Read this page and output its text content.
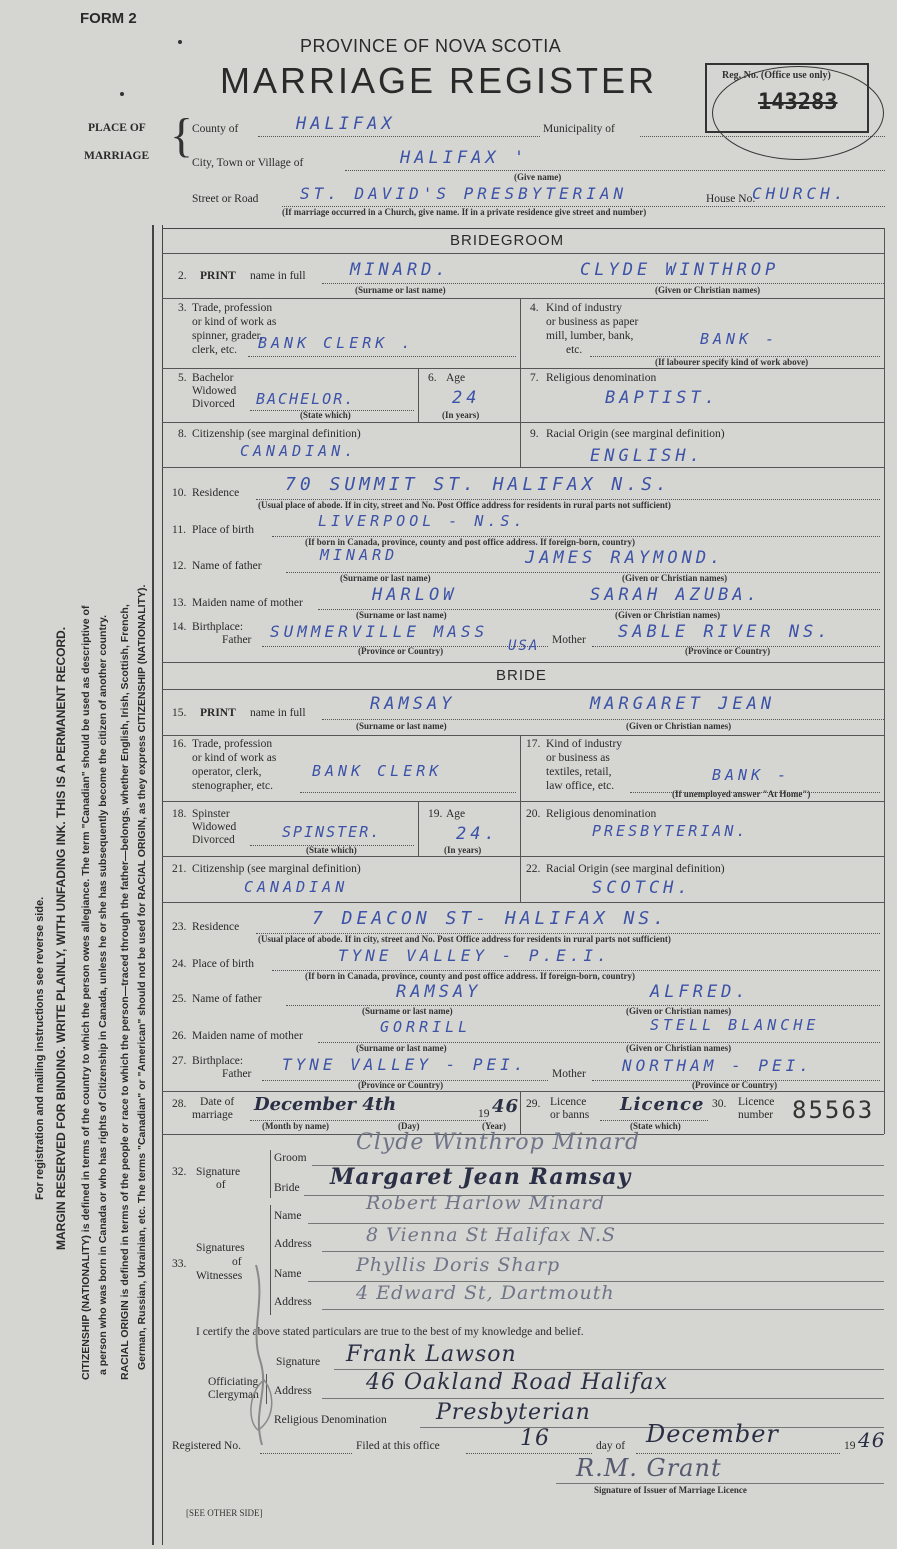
FORM 2
PROVINCE OF NOVA SCOTIA
MARRIAGE REGISTER	Reg. No. (Office use only)
143283
PLACE OF
MARRIAGE {
County of	HALIFAX	Municipality of
City, Town or Village of	HALIFAX '
(Give name)
Street or Road	ST. DAVID'S PRESBYTERIAN	House No.
CHURCH.
(If marriage occurred in a Church, give name. If in a private residence give street and number)
For registration and mailing instructions see reverse side. MARGIN RESERVED FOR BINDING. WRITE PLAINLY, WITH UNFADING INK. THIS IS A PERMANENT RECORD. CITIZENSHIP (NATIONALITY) is defined in terms of the country to which the person owes allegiance. The term "Canadian" should be used as descriptive of a person who was born in Canada or who has rights of Citizenship in Canada, unless he or she has subsequently become the citizen of another country. RACIAL ORIGIN is defined in terms of the people or race to which the person—traced through the father—belongs, whether English, Irish, Scottish, French, German, Russian, Ukrainian, etc. The terms "Canadian" or "American" should not be used for RACIAL ORIGIN, as they express CITIZENSHIP (NATIONALITY).
BRIDEGROOM
2. PRINT name in full	MINARD.	CLYDE WINTHROP
(Surname or last name)	(Given or Christian names)
3. Trade, profession
or kind of work as
spinner, grader,
clerk, etc. BANK CLERK .
4. Kind of industry
or business as paper
mill, lumber, bank,
etc.
BANK -
(If labourer specify kind of work above)
5. Bachelor
Widowed
Divorced BACHELOR.
(State which)
6. Age
24
(In years)
7. Religious denomination
BAPTIST.
8. Citizenship (see marginal definition)
CANADIAN.
9. Racial Origin (see marginal definition)
ENGLISH.
10. Residence	70 SUMMIT ST. HALIFAX N.S.
(Usual place of abode. If in city, street and No. Post Office address for residents in rural parts not sufficient)
11. Place of birth	LIVERPOOL - N.S.
(If born in Canada, province, county and post office address. If foreign-born, country)
12. Name of father
MINARD	JAMES RAYMOND.
(Surname or last name)	(Given or Christian names)
13. Maiden name of mother	HARLOW	SARAH AZUBA.
(Surname or last name)	(Given or Christian names)
14. Birthplace:
Father SUMMERVILLE MASS
USA
(Province or Country)
Mother SABLE RIVER NS.
(Province or Country)
BRIDE
15. PRINT name in full	RAMSAY	MARGARET JEAN
(Surname or last name)	(Given or Christian names)
16. Trade, profession
or kind of work as
operator, clerk,
stenographer, etc.
BANK CLERK
17. Kind of industry
or business as
textiles, retail,
law office, etc.
BANK -
(If unemployed answer "At Home")
18. Spinster
Widowed
Divorced	SPINSTER.
(State which)
19. Age
24.
(In years)
20. Religious denomination
PRESBYTERIAN.
21. Citizenship (see marginal definition)
CANADIAN
22. Racial Origin (see marginal definition)
SCOTCH.
23. Residence	7 DEACON ST- HALIFAX NS.
(Usual place of abode. If in city, street and No. Post Office address for residents in rural parts not sufficient)
24. Place of birth	TYNE VALLEY - P.E.I.
(If born in Canada, province, county and post office address. If foreign-born, country)
25. Name of father	RAMSAY	ALFRED.
(Surname or last name)	(Given or Christian names)
26. Maiden name of mother	GORRILL	STELL BLANCHE
(Surname or last name)	(Given or Christian names)
27. Birthplace:
Father TYNE VALLEY - PEI.
(Province or Country)
Mother NORTHAM - PEI.
(Province or Country)
28. Date of
marriage December 4th	19 46
(Month by name)	(Day)	(Year)
29. Licence
or banns Licence
(State which)
30. Licence
number 85563
32. Signature
of
Groom
Clyde Winthrop Minard
Bride Margaret Jean Ramsay
33.
Signatures
of
Witnesses
Name
Robert Harlow Minard
Address	8 Vienna St Halifax N.S
Name	Phyllis Doris Sharp
Address 4 Edward St, Dartmouth
I certify the above stated particulars are true to the best of my knowledge and belief.
Signature Frank Lawson
Officiating
Clergyman Address 46 Oakland Road Halifax
Religious Denomination Presbyterian
Registered No.	Filed at this office	16	day of December	19 46
R.M. Grant
Signature of Issuer of Marriage Licence
[SEE OTHER SIDE]
